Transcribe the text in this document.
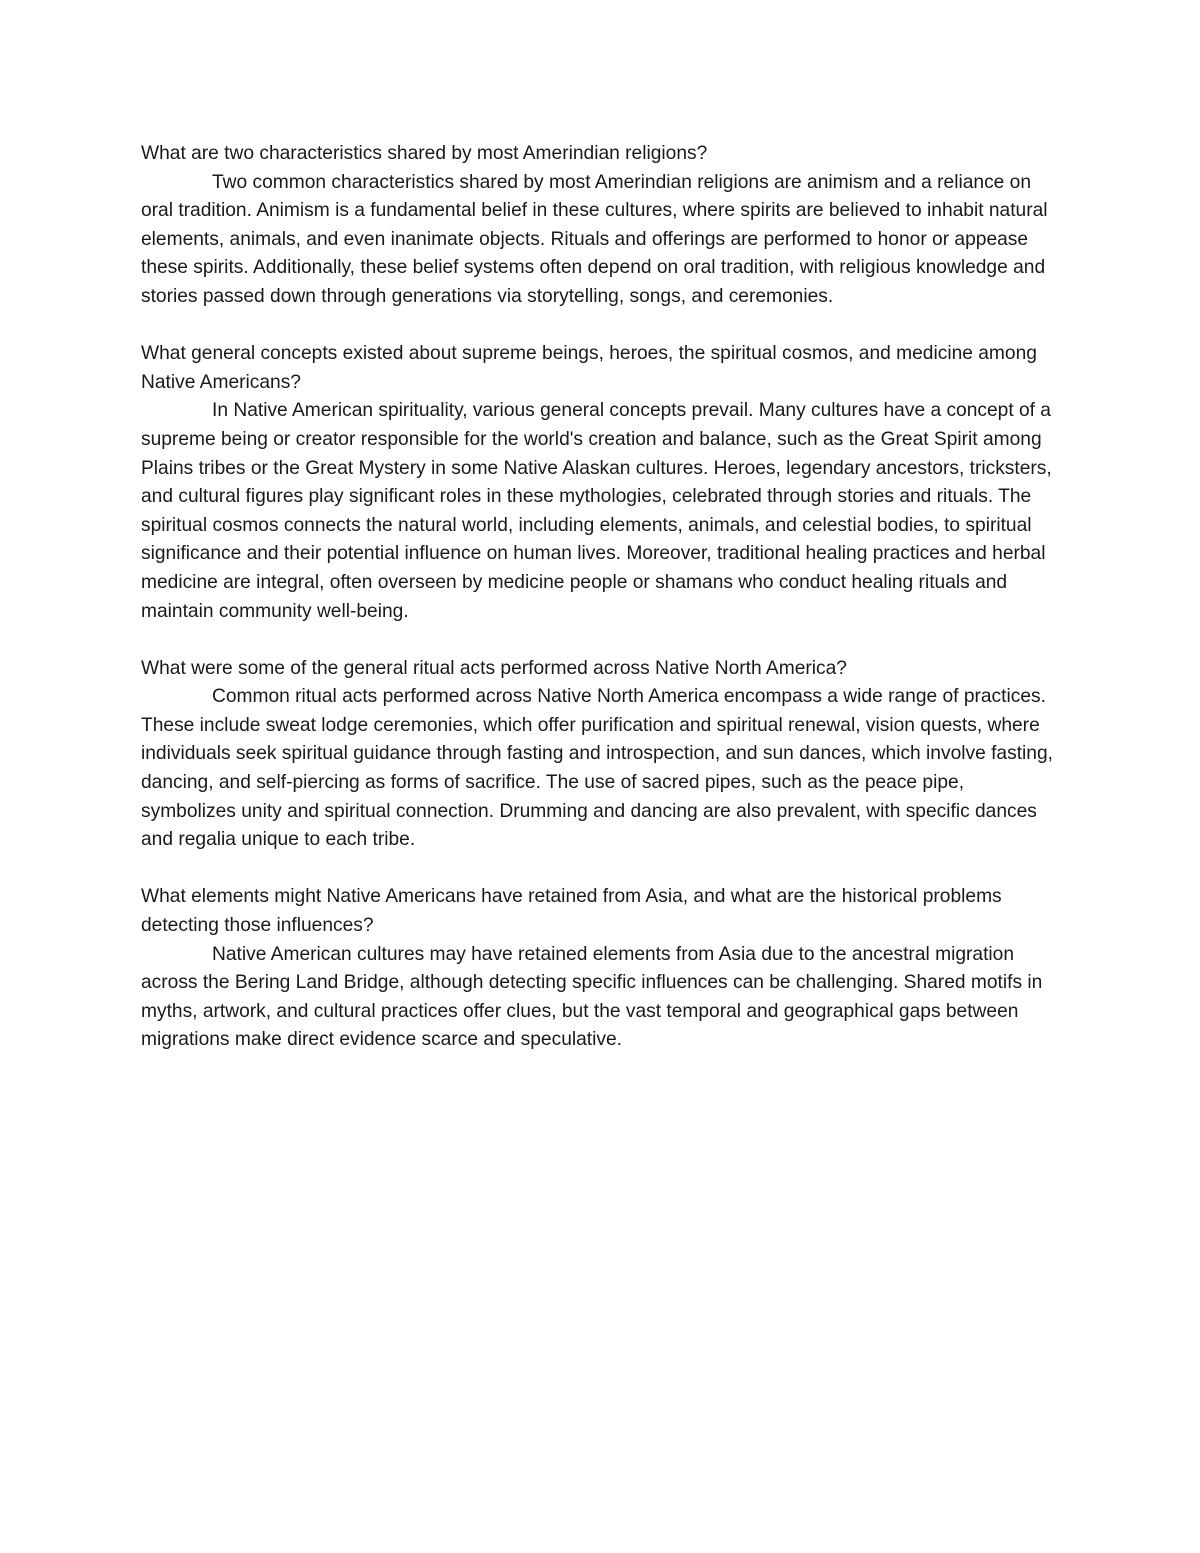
What are two characteristics shared by most Amerindian religions?

Two common characteristics shared by most Amerindian religions are animism and a reliance on oral tradition. Animism is a fundamental belief in these cultures, where spirits are believed to inhabit natural elements, animals, and even inanimate objects. Rituals and offerings are performed to honor or appease these spirits. Additionally, these belief systems often depend on oral tradition, with religious knowledge and stories passed down through generations via storytelling, songs, and ceremonies.

What general concepts existed about supreme beings, heroes, the spiritual cosmos, and medicine among Native Americans?

In Native American spirituality, various general concepts prevail. Many cultures have a concept of a supreme being or creator responsible for the world's creation and balance, such as the Great Spirit among Plains tribes or the Great Mystery in some Native Alaskan cultures. Heroes, legendary ancestors, tricksters, and cultural figures play significant roles in these mythologies, celebrated through stories and rituals. The spiritual cosmos connects the natural world, including elements, animals, and celestial bodies, to spiritual significance and their potential influence on human lives. Moreover, traditional healing practices and herbal medicine are integral, often overseen by medicine people or shamans who conduct healing rituals and maintain community well-being.

What were some of the general ritual acts performed across Native North America?

Common ritual acts performed across Native North America encompass a wide range of practices. These include sweat lodge ceremonies, which offer purification and spiritual renewal, vision quests, where individuals seek spiritual guidance through fasting and introspection, and sun dances, which involve fasting, dancing, and self-piercing as forms of sacrifice. The use of sacred pipes, such as the peace pipe, symbolizes unity and spiritual connection. Drumming and dancing are also prevalent, with specific dances and regalia unique to each tribe.

What elements might Native Americans have retained from Asia, and what are the historical problems detecting those influences?

Native American cultures may have retained elements from Asia due to the ancestral migration across the Bering Land Bridge, although detecting specific influences can be challenging. Shared motifs in myths, artwork, and cultural practices offer clues, but the vast temporal and geographical gaps between migrations make direct evidence scarce and speculative.
